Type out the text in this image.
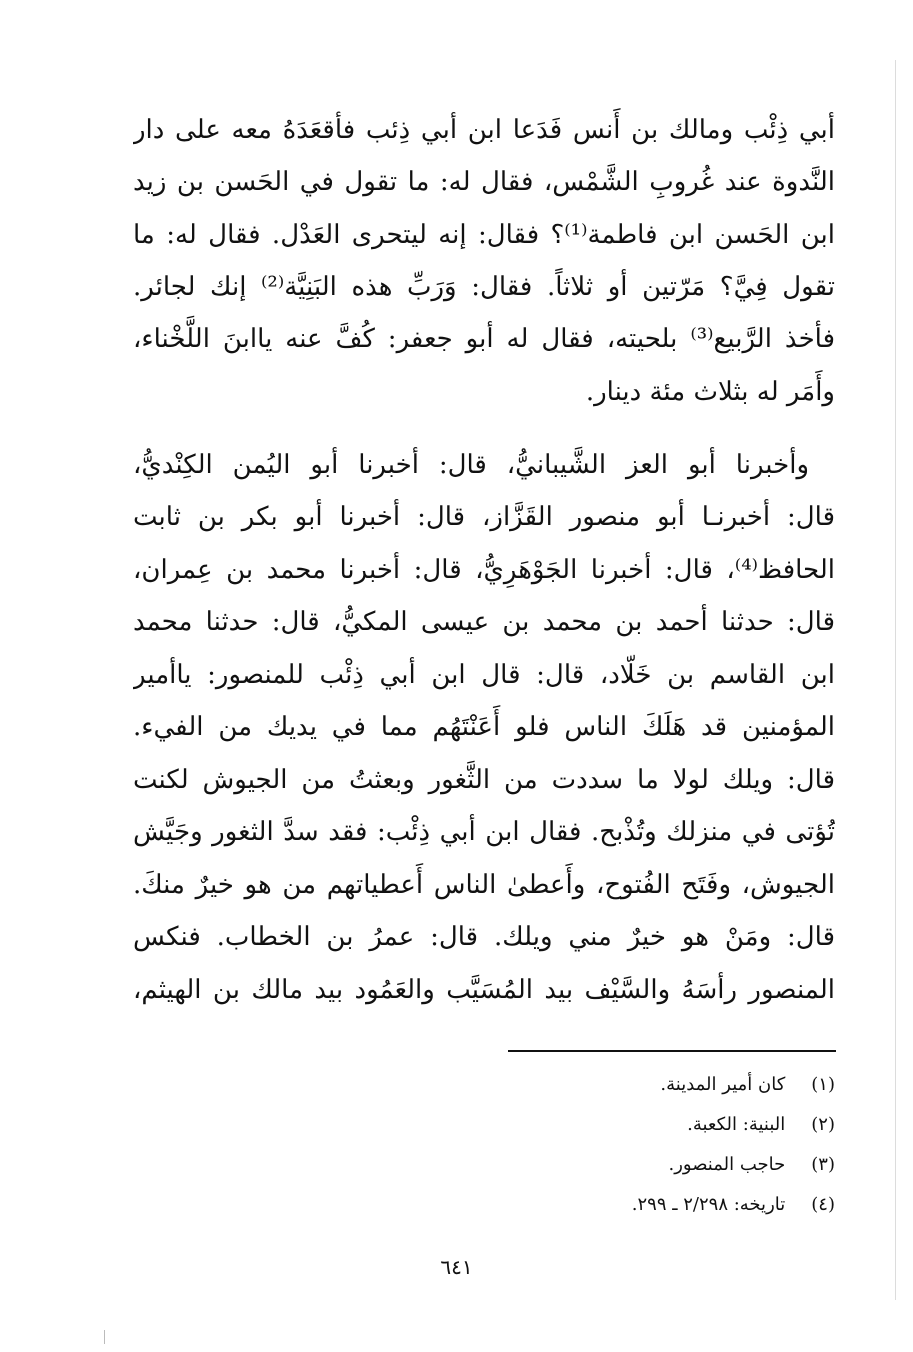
أبي ذِئْب ومالك بن أَنس فَدَعا ابن أبي ذِئب فأقعَدَهُ معه على دار
النَّدوة عند غُروبِ الشَّمْس، فقال له: ما تقول في الحَسن بن زيد
ابن الحَسن ابن فاطمة⁽¹⁾؟ فقال: إنه ليتحرى العَدْل. فقال له: ما
تقول فِيَّ؟ مَرّتين أو ثلاثاً. فقال: وَرَبِّ هذه البَنِيَّة⁽²⁾ إنك لجائر.
فأخذ الرَّبيع⁽³⁾ بلحيته، فقال له أبو جعفر: كُفَّ عنه ياابنَ اللَّخْناء،
وأَمَر له بثلاث مئة دينار.
وأخبرنا أبو العز الشَّيبانيُّ، قال: أخبرنا أبو اليُمن الكِنْديُّ،
قال: أخبرنـا أبو منصور القَزَّاز، قال: أخبرنا أبو بكر بن ثابت
الحافظ⁽⁴⁾، قال: أخبرنا الجَوْهَرِيُّ، قال: أخبرنا محمد بن عِمران،
قال: حدثنا أحمد بن محمد بن عيسى المكيُّ، قال: حدثنا محمد
ابن القاسم بن خَلّاد، قال: قال ابن أبي ذِئْب للمنصور: ياأمير
المؤمنين قد هَلَكَ الناس فلو أَعَنْتَهُم مما في يديك من الفيء.
قال: ويلك لولا ما سددت من الثَّغور وبعثتُ من الجيوش لكنت
تُؤتى في منزلك وتُذْبح. فقال ابن أبي ذِئْب: فقد سدَّ الثغور وجَيَّش
الجيوش، وفَتَح الفُتوح، وأَعطىٰ الناس أَعطياتهم من هو خيرٌ منكَ.
قال: ومَنْ هو خيرٌ مني ويلك. قال: عمرُ بن الخطاب. فنكس
المنصور رأسَهُ والسَّيْف بيد المُسَيَّب والعَمُود بيد مالك بن الهيثم،
(١) كان أمير المدينة.
(٢) البنية: الكعبة.
(٣) حاجب المنصور.
(٤) تاريخه: ٢/٢٩٨ ـ ٢٩٩.
٦٤١
